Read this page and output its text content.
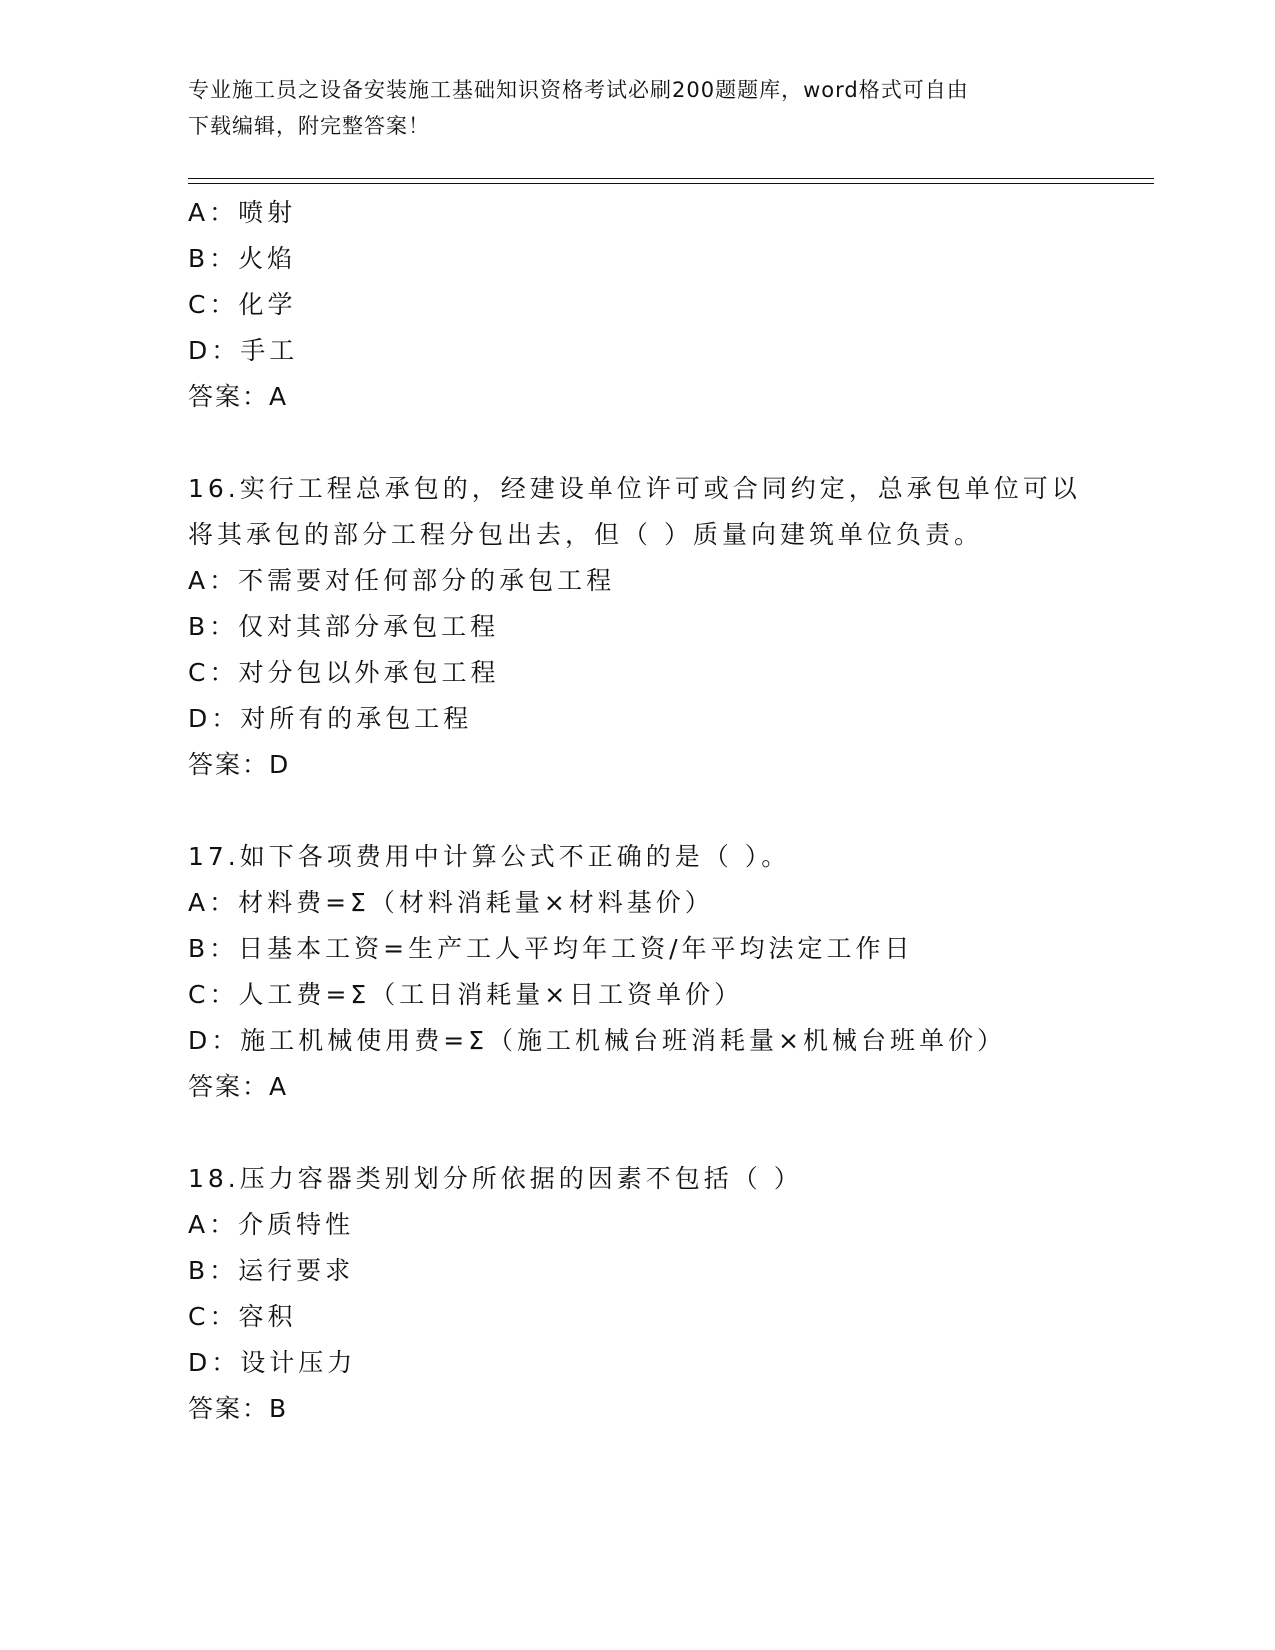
专业施工员之设备安装施工基础知识资格考试必刷200题题库，word格式可自由
下载编辑，附完整答案！
A：喷射
B：火焰
C：化学
D：手工
答案：A
16.实行工程总承包的，经建设单位许可或合同约定，总承包单位可以
将其承包的部分工程分包出去，但（ ）质量向建筑单位负责。
A：不需要对任何部分的承包工程
B：仅对其部分承包工程
C：对分包以外承包工程
D：对所有的承包工程
答案：D
17.如下各项费用中计算公式不正确的是（ ）。
A：材料费=Σ（材料消耗量×材料基价）
B：日基本工资=生产工人平均年工资/年平均法定工作日
C：人工费=Σ（工日消耗量×日工资单价）
D：施工机械使用费=Σ（施工机械台班消耗量×机械台班单价）
答案：A
18.压力容器类别划分所依据的因素不包括（ ）
A：介质特性
B：运行要求
C：容积
D：设计压力
答案：B
